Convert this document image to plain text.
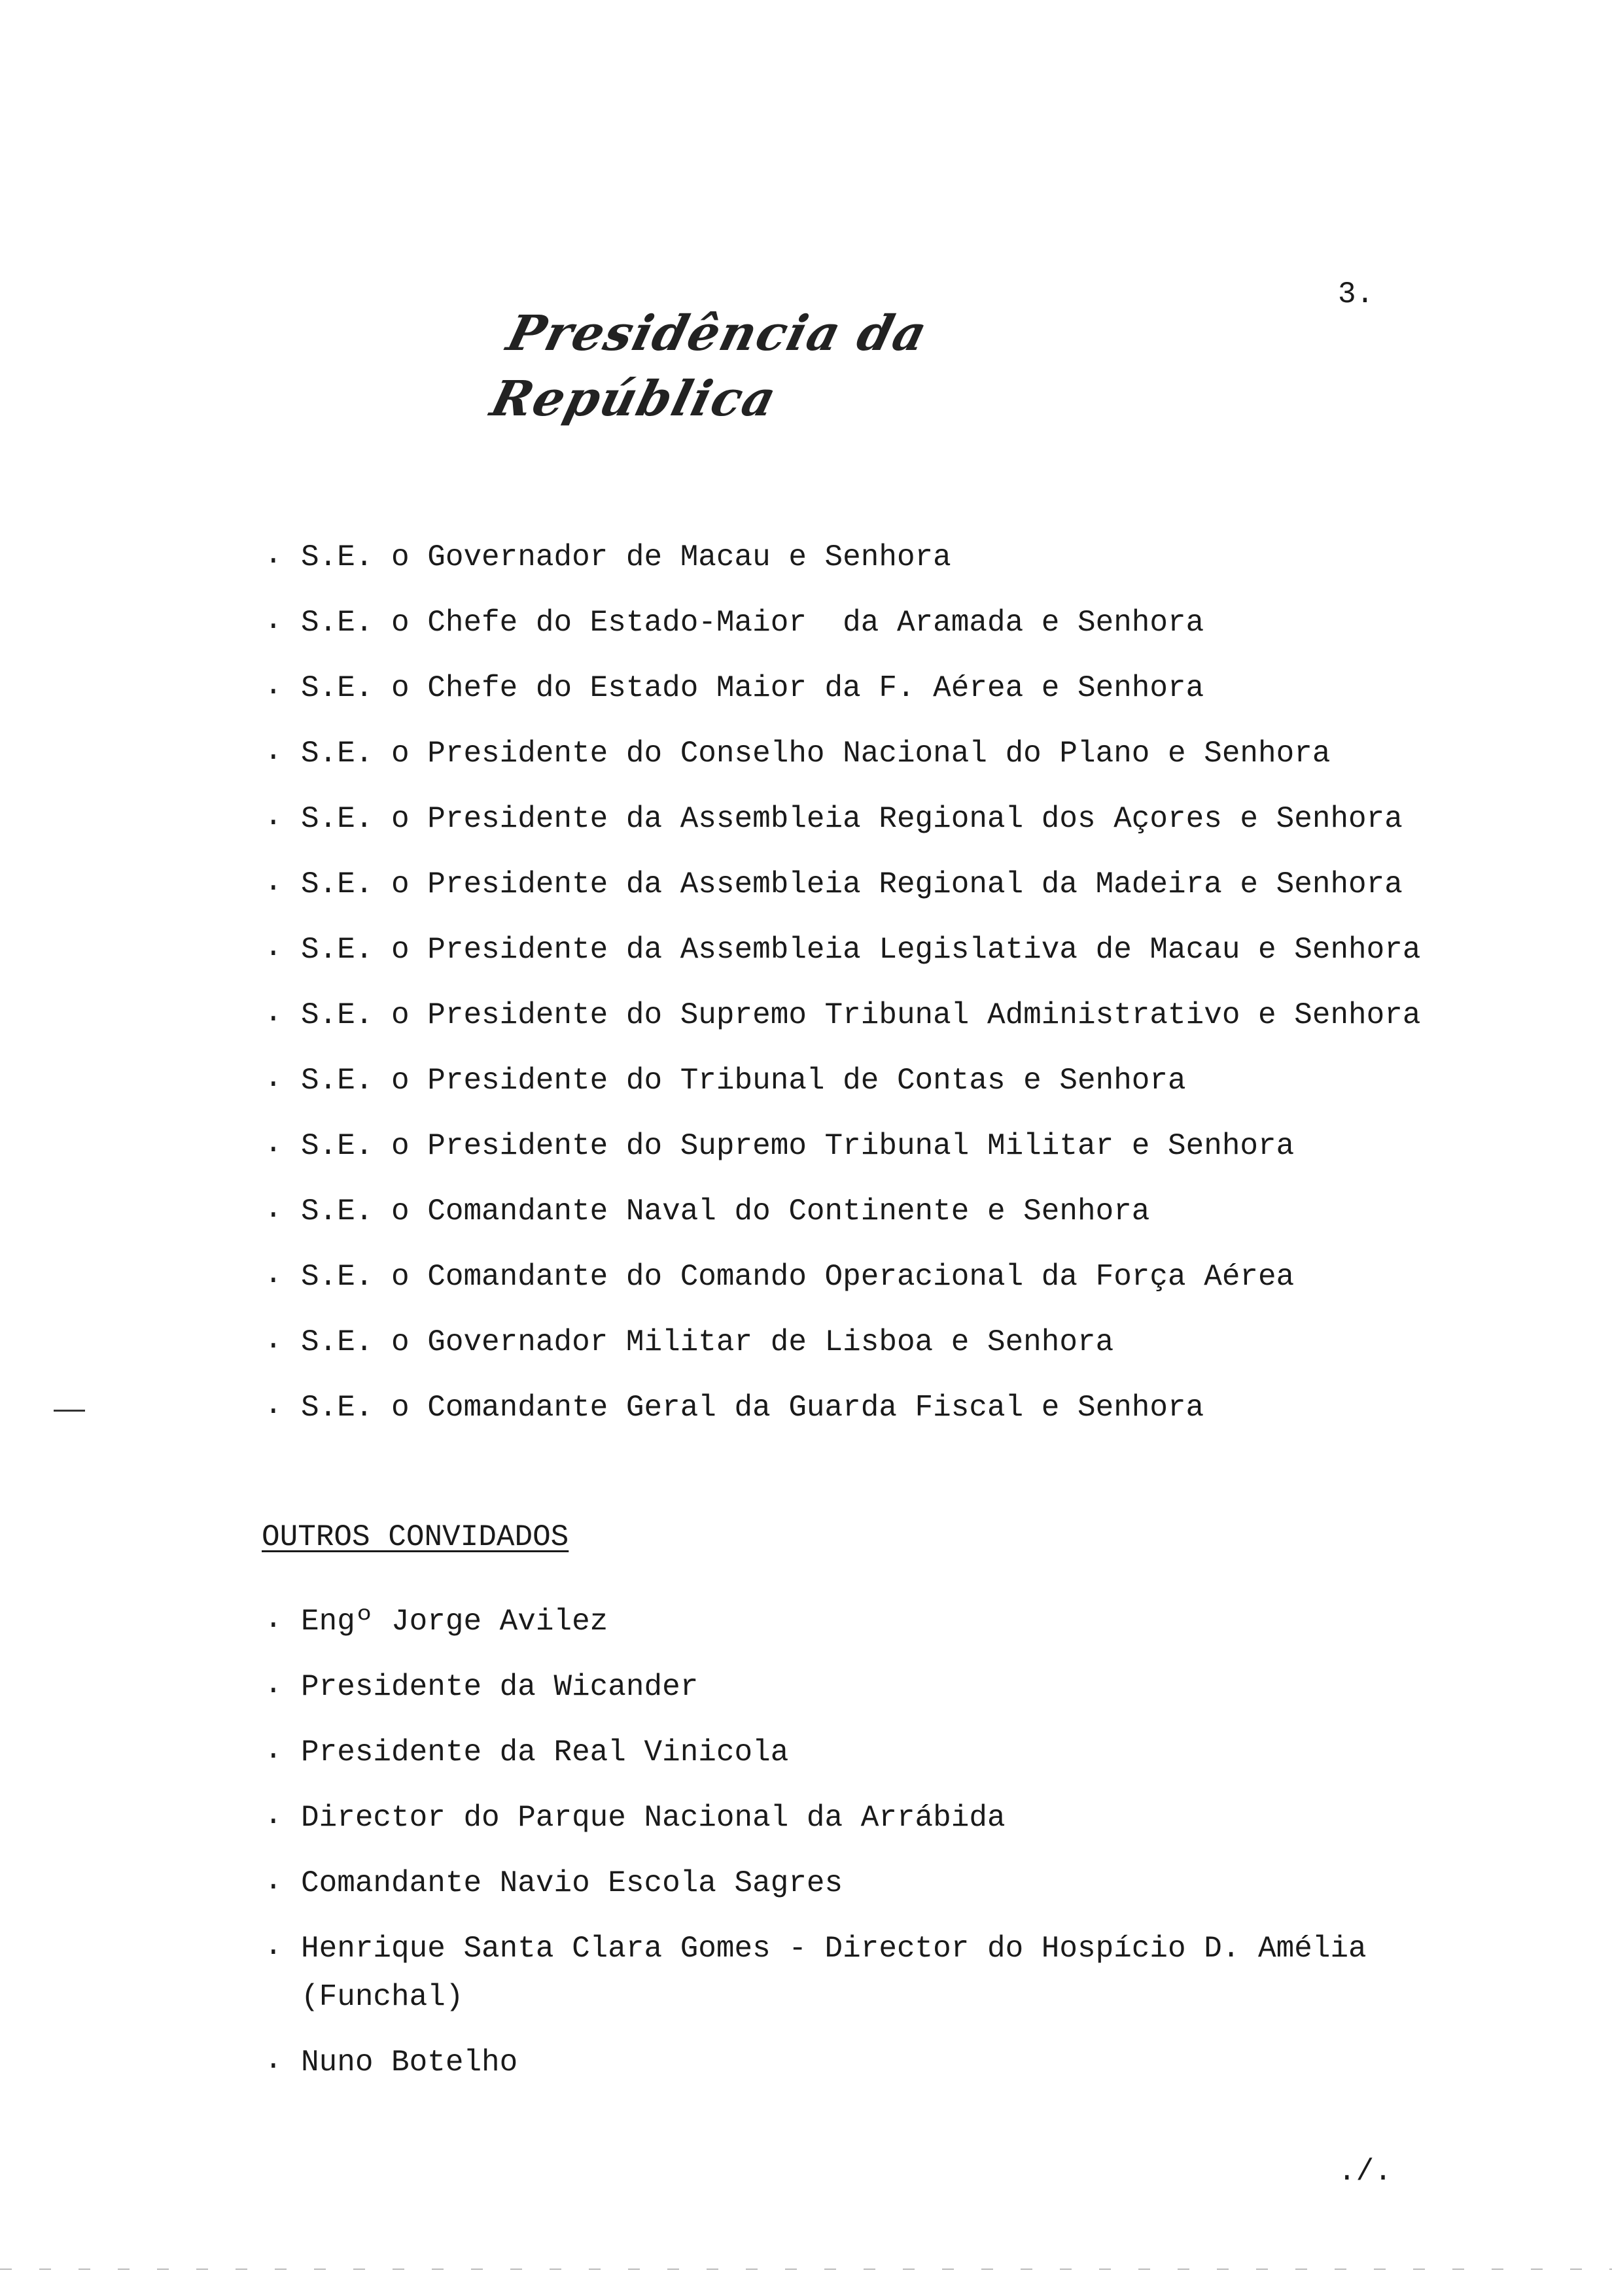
3.

Presidência da República
. S.E. o Governador de Macau e Senhora
. S.E. o Chefe do Estado-Maior  da Aramada e Senhora
. S.E. o Chefe do Estado Maior da F. Aérea e Senhora
. S.E. o Presidente do Conselho Nacional do Plano e Senhora
. S.E. o Presidente da Assembleia Regional dos Açores e Senhora
. S.E. o Presidente da Assembleia Regional da Madeira e Senhora
. S.E. o Presidente da Assembleia Legislativa de Macau e Senhora
. S.E. o Presidente do Supremo Tribunal Administrativo e Senhora
. S.E. o Presidente do Tribunal de Contas e Senhora
. S.E. o Presidente do Supremo Tribunal Militar e Senhora
. S.E. o Comandante Naval do Continente e Senhora
. S.E. o Comandante do Comando Operacional da Força Aérea
. S.E. o Governador Militar de Lisboa e Senhora
. S.E. o Comandante Geral da Guarda Fiscal e Senhora
OUTROS CONVIDADOS
. Engº Jorge Avilez
. Presidente da Wicander
. Presidente da Real Vinicola
. Director do Parque Nacional da Arrábida
. Comandante Navio Escola Sagres
. Henrique Santa Clara Gomes - Director do Hospício D. Amélia (Funchal)
. Nuno Botelho

./.
